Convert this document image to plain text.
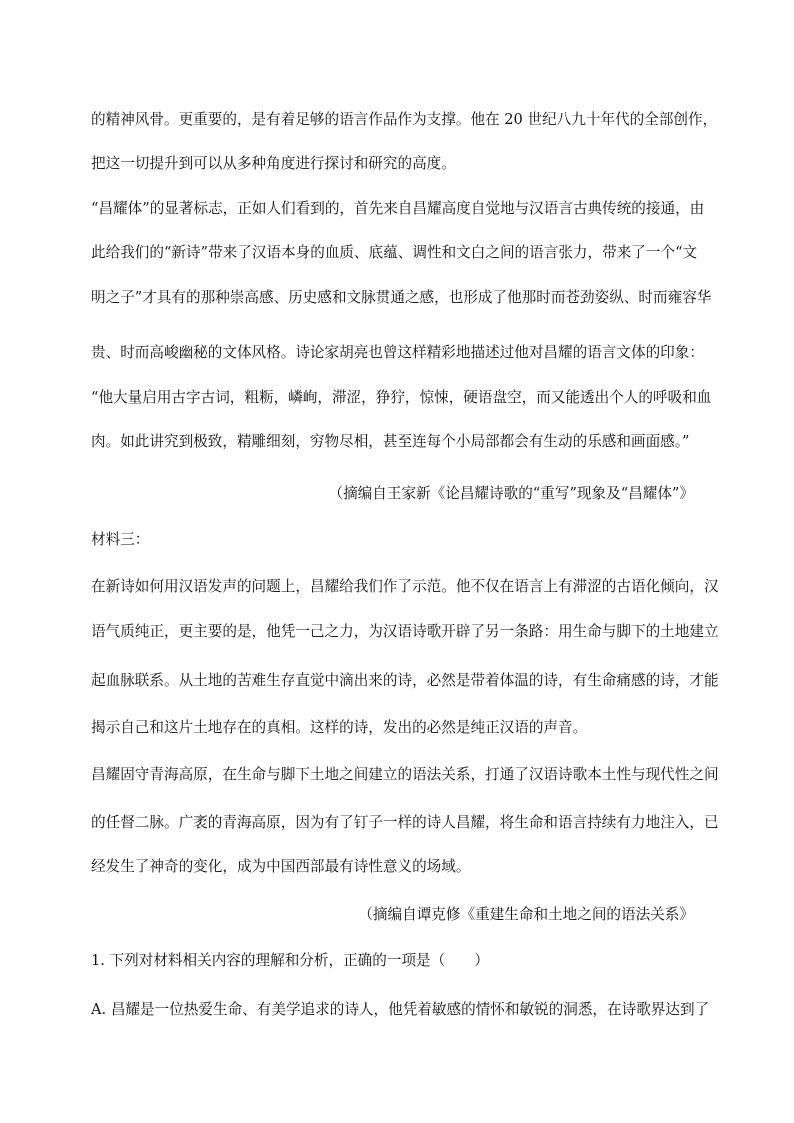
的精神风骨。更重要的，是有着足够的语言作品作为支撑。他在 20 世纪八九十年代的全部创作，
把这一切提升到可以从多种角度进行探讨和研究的高度。
“昌耀体”的显著标志，正如人们看到的，首先来自昌耀高度自觉地与汉语言古典传统的接通，由
此给我们的“新诗”带来了汉语本身的血质、底蕴、调性和文白之间的语言张力，带来了一个“文
明之子”才具有的那种崇高感、历史感和文脉贯通之感，也形成了他那时而苍劲姿纵、时而雍容华
贵、时而高峻幽秘的文体风格。诗论家胡亮也曾这样精彩地描述过他对昌耀的语言文体的印象：
“他大量启用古字古词，粗粝，嶙峋，滞涩，狰狞，惊悚，硬语盘空，而又能透出个人的呼吸和血
肉。如此讲究到极致，精雕细刻，穷物尽相，甚至连每个小局部都会有生动的乐感和画面感。”
（摘编自王家新《论昌耀诗歌的“重写”现象及“昌耀体”》
材料三：
在新诗如何用汉语发声的问题上，昌耀给我们作了示范。他不仅在语言上有滞涩的古语化倾向，汉
语气质纯正，更主要的是，他凭一己之力，为汉语诗歌开辟了另一条路：用生命与脚下的土地建立
起血脉联系。从土地的苦难生存直觉中滴出来的诗，必然是带着体温的诗，有生命痛感的诗，才能
揭示自己和这片土地存在的真相。这样的诗，发出的必然是纯正汉语的声音。
昌耀固守青海高原，在生命与脚下土地之间建立的语法关系，打通了汉语诗歌本土性与现代性之间
的任督二脉。广袤的青海高原，因为有了钉子一样的诗人昌耀，将生命和语言持续有力地注入，已
经发生了神奇的变化，成为中国西部最有诗性意义的场域。
（摘编自谭克修《重建生命和土地之间的语法关系》
1. 下列对材料相关内容的理解和分析，正确的一项是（　　）
A. 昌耀是一位热爱生命、有美学追求的诗人，他凭着敏感的情怀和敏锐的洞悉，在诗歌界达到了
